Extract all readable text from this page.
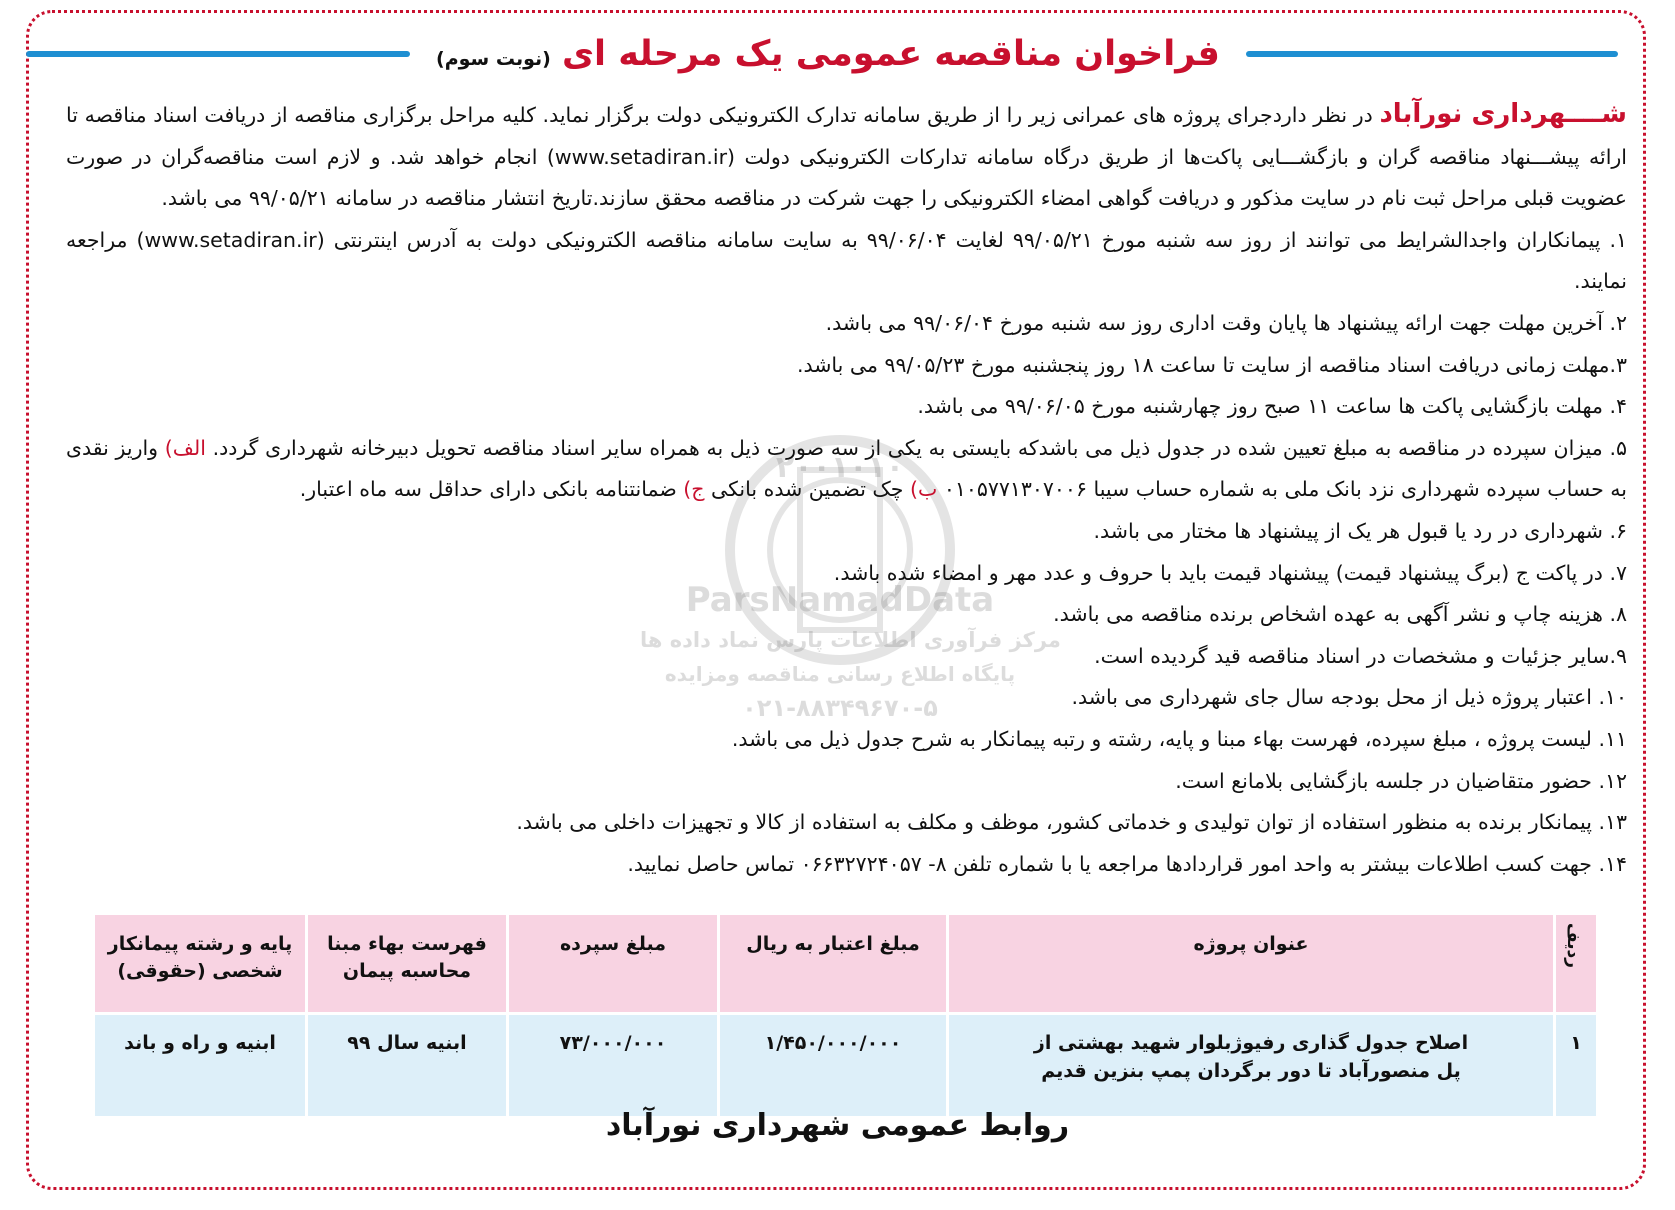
فراخوان مناقصه عمومی یک مرحله ای (نوبت سوم)
۲۰۰۱۰۱۰
ParsNamadData
مرکز فرآوری اطلاعات پارس نماد داده ها
پایگاه اطلاع رسانی مناقصه ومزایده
۰۲۱-۸۸۳۴۹۶۷۰-۵

شــــهرداری نورآباد در نظر داردجرای پروژه های عمرانی زیر را از طریق سامانه تدارک الکترونیکی دولت برگزار نماید. کلیه مراحل برگزاری مناقصه از دریافت اسناد مناقصه تا ارائه پیشـــنهاد مناقصه گران و بازگشـــایی پاکت‌ها از طریق درگاه سامانه تدارکات الکترونیکی دولت (www.setadiran.ir) انجام خواهد شد. و لازم است مناقصه‌گران در صورت عضویت قبلی مراحل ثبت نام در سایت مذکور و دریافت گواهی امضاء الکترونیکی را جهت شرکت در مناقصه محقق سازند.تاریخ انتشار مناقصه در سامانه ۹۹/۰۵/۲۱ می باشد.

۱. پیمانکاران واجدالشرایط می توانند از روز سه شنبه مورخ ۹۹/۰۵/۲۱ لغایت ۹۹/۰۶/۰۴ به سایت سامانه مناقصه الکترونیکی دولت به آدرس اینترنتی (www.setadiran.ir) مراجعه نمایند.

۲. آخرین مهلت جهت ارائه پیشنهاد ها پایان وقت اداری روز سه شنبه مورخ ۹۹/۰۶/۰۴ می باشد.

۳.مهلت زمانی دریافت اسناد مناقصه از سایت تا ساعت ۱۸ روز پنجشنبه مورخ ۹۹/۰۵/۲۳ می باشد.

۴. مهلت بازگشایی پاکت ها ساعت ۱۱ صبح روز چهارشنبه مورخ ۹۹/۰۶/۰۵ می باشد.

۵. میزان سپرده در مناقصه به مبلغ تعیین شده در جدول ذیل می باشدکه بایستی به یکی از سه صورت ذیل به همراه سایر اسناد مناقصه تحویل دبیرخانه شهرداری گردد. الف) واریز نقدی به حساب سپرده شهرداری نزد بانک ملی به شماره حساب سیبا ۰۱۰۵۷۷۱۳۰۷۰۰۶ ب) چک تضمین شده بانکی ج) ضمانتنامه بانکی دارای حداقل سه ماه اعتبار.

۶. شهرداری در رد یا قبول هر یک از پیشنهاد ها مختار می باشد.

۷. در پاکت ج (برگ پیشنهاد قیمت) پیشنهاد قیمت باید با حروف و عدد مهر و امضاء شده باشد.

۸. هزینه چاپ و نشر آگهی به عهده اشخاص برنده مناقصه می باشد.

۹.سایر جزئیات و مشخصات در اسناد مناقصه قید گردیده است.

۱۰. اعتبار پروژه ذیل از محل بودجه سال جای شهرداری می باشد.

۱۱. لیست پروژه ، مبلغ سپرده، فهرست بهاء مبنا و پایه، رشته و رتبه پیمانکار به شرح جدول ذیل می باشد.

۱۲. حضور متقاضیان در جلسه بازگشایی بلامانع است.

۱۳. پیمانکار برنده به منظور استفاده از توان تولیدی و خدماتی کشور، موظف و مکلف به استفاده از کالا و تجهیزات داخلی می باشد.

۱۴. جهت کسب اطلاعات بیشتر به واحد امور قراردادها مراجعه یا با شماره تلفن ۸- ۰۶۶۳۲۷۲۴۰۵۷ تماس حاصل نمایید.

ردیف	عنوان پروژه	مبلغ اعتبار به ریال	مبلغ سپرده	فهرست بهاء مبنا محاسبه پیمان	پایه و رشته پیمانکار شخصی (حقوقی)
۱	اصلاح جدول گذاری رفیوژبلوار شهید بهشتی از پل منصورآباد تا دور برگردان پمپ بنزین قدیم	۱/۴۵۰/۰۰۰/۰۰۰	۷۳/۰۰۰/۰۰۰	ابنیه سال ۹۹	ابنیه و راه و باند
روابط عمومی شهرداری نورآباد
